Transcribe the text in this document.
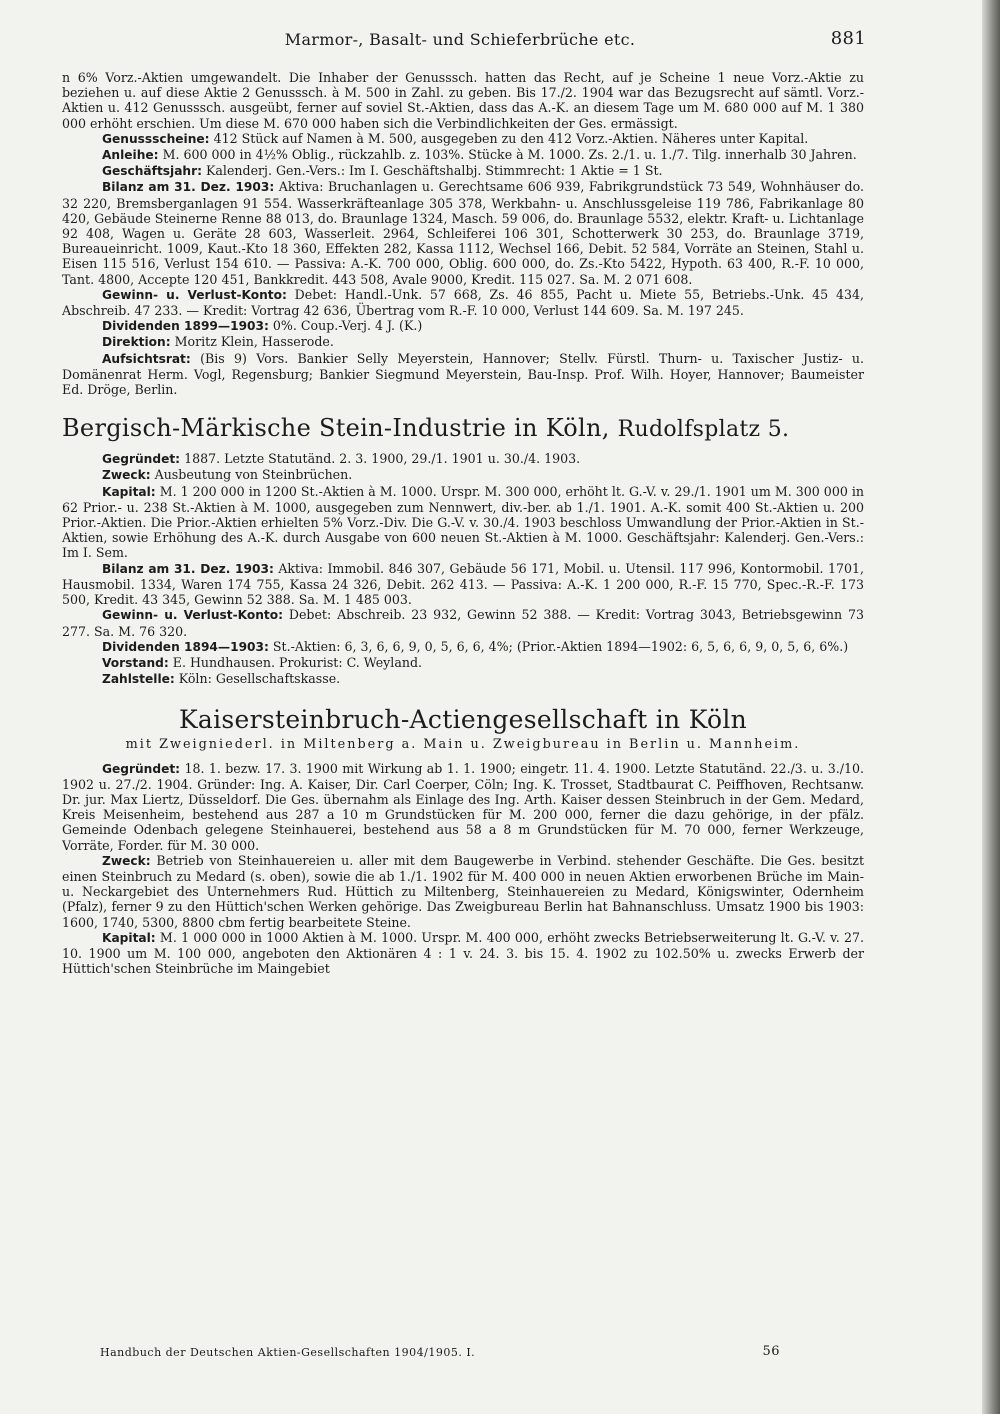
Marmor-, Basalt- und Schieferbrüche etc.	881

n 6% Vorz.-Aktien umgewandelt. Die Inhaber der Genusssch. hatten das Recht, auf je Scheine 1 neue Vorz.-Aktie zu beziehen u. auf diese Aktie 2 Genusssch. à M. 500 in Zahl. zu geben. Bis 17./2. 1904 war das Bezugsrecht auf sämtl. Vorz.-Aktien u. 412 Genusssch. ausgeübt, ferner auf soviel St.-Aktien, dass das A.-K. an diesem Tage um M. 680 000 auf M. 1 380 000 erhöht erschien. Um diese M. 670 000 haben sich die Verbindlichkeiten der Ges. ermässigt.

Genussscheine: 412 Stück auf Namen à M. 500, ausgegeben zu den 412 Vorz.-Aktien. Näheres unter Kapital.

Anleihe: M. 600 000 in 4½% Oblig., rückzahlb. z. 103%. Stücke à M. 1000. Zs. 2./1. u. 1./7. Tilg. innerhalb 30 Jahren.

Geschäftsjahr: Kalenderj. Gen.-Vers.: Im I. Geschäftshalbj. Stimmrecht: 1 Aktie = 1 St.

Bilanz am 31. Dez. 1903: Aktiva: Bruchanlagen u. Gerechtsame 606 939, Fabrikgrundstück 73 549, Wohnhäuser do. 32 220, Bremsberganlagen 91 554. Wasserkräfteanlage 305 378, Werkbahn- u. Anschlussgeleise 119 786, Fabrikanlage 80 420, Gebäude Steinerne Renne 88 013, do. Braunlage 1324, Masch. 59 006, do. Braunlage 5532, elektr. Kraft- u. Lichtanlage 92 408, Wagen u. Geräte 28 603, Wasserleit. 2964, Schleiferei 106 301, Schotterwerk 30 253, do. Braunlage 3719, Bureaueinricht. 1009, Kaut.-Kto 18 360, Effekten 282, Kassa 1112, Wechsel 166, Debit. 52 584, Vorräte an Steinen, Stahl u. Eisen 115 516, Verlust 154 610. — Passiva: A.-K. 700 000, Oblig. 600 000, do. Zs.-Kto 5422, Hypoth. 63 400, R.-F. 10 000, Tant. 4800, Accepte 120 451, Bankkredit. 443 508, Avale 9000, Kredit. 115 027. Sa. M. 2 071 608.

Gewinn- u. Verlust-Konto: Debet: Handl.-Unk. 57 668, Zs. 46 855, Pacht u. Miete 55, Betriebs.-Unk. 45 434, Abschreib. 47 233. — Kredit: Vortrag 42 636, Übertrag vom R.-F. 10 000, Verlust 144 609. Sa. M. 197 245.

Dividenden 1899—1903: 0%. Coup.-Verj. 4 J. (K.)

Direktion: Moritz Klein, Hasserode.

Aufsichtsrat: (Bis 9) Vors. Bankier Selly Meyerstein, Hannover; Stellv. Fürstl. Thurn- u. Taxischer Justiz- u. Domänenrat Herm. Vogl, Regensburg; Bankier Siegmund Meyerstein, Bau-Insp. Prof. Wilh. Hoyer, Hannover; Baumeister Ed. Dröge, Berlin.

Bergisch-Märkische Stein-Industrie in Köln, Rudolfsplatz 5.

Gegründet: 1887. Letzte Statutänd. 2. 3. 1900, 29./1. 1901 u. 30./4. 1903.

Zweck: Ausbeutung von Steinbrüchen.

Kapital: M. 1 200 000 in 1200 St.-Aktien à M. 1000. Urspr. M. 300 000, erhöht lt. G.-V. v. 29./1. 1901 um M. 300 000 in 62 Prior.- u. 238 St.-Aktien à M. 1000, ausgegeben zum Nennwert, div.-ber. ab 1./1. 1901. A.-K. somit 400 St.-Aktien u. 200 Prior.-Aktien. Die Prior.-Aktien erhielten 5% Vorz.-Div. Die G.-V. v. 30./4. 1903 beschloss Umwandlung der Prior.-Aktien in St.-Aktien, sowie Erhöhung des A.-K. durch Ausgabe von 600 neuen St.-Aktien à M. 1000. Geschäftsjahr: Kalenderj. Gen.-Vers.: Im I. Sem.

Bilanz am 31. Dez. 1903: Aktiva: Immobil. 846 307, Gebäude 56 171, Mobil. u. Utensil. 117 996, Kontormobil. 1701, Hausmobil. 1334, Waren 174 755, Kassa 24 326, Debit. 262 413. — Passiva: A.-K. 1 200 000, R.-F. 15 770, Spec.-R.-F. 173 500, Kredit. 43 345, Gewinn 52 388. Sa. M. 1 485 003.

Gewinn- u. Verlust-Konto: Debet: Abschreib. 23 932, Gewinn 52 388. — Kredit: Vortrag 3043, Betriebsgewinn 73 277. Sa. M. 76 320.

Dividenden 1894—1903: St.-Aktien: 6, 3, 6, 6, 9, 0, 5, 6, 6, 4%; (Prior.-Aktien 1894—1902: 6, 5, 6, 6, 9, 0, 5, 6, 6%.)

Vorstand: E. Hundhausen. Prokurist: C. Weyland.

Zahlstelle: Köln: Gesellschaftskasse.

Kaisersteinbruch-Actiengesellschaft in Köln
mit Zweigniederl. in Miltenberg a. Main u. Zweigbureau in Berlin u. Mannheim.

Gegründet: 18. 1. bezw. 17. 3. 1900 mit Wirkung ab 1. 1. 1900; eingetr. 11. 4. 1900. Letzte Statutänd. 22./3. u. 3./10. 1902 u. 27./2. 1904. Gründer: Ing. A. Kaiser, Dir. Carl Coerper, Cöln; Ing. K. Trosset, Stadtbaurat C. Peiffhoven, Rechtsanw. Dr. jur. Max Liertz, Düsseldorf. Die Ges. übernahm als Einlage des Ing. Arth. Kaiser dessen Steinbruch in der Gem. Medard, Kreis Meisenheim, bestehend aus 287 a 10 m Grundstücken für M. 200 000, ferner die dazu gehörige, in der pfälz. Gemeinde Odenbach gelegene Steinhauerei, bestehend aus 58 a 8 m Grundstücken für M. 70 000, ferner Werkzeuge, Vorräte, Forder. für M. 30 000.

Zweck: Betrieb von Steinhauereien u. aller mit dem Baugewerbe in Verbind. stehender Geschäfte. Die Ges. besitzt einen Steinbruch zu Medard (s. oben), sowie die ab 1./1. 1902 für M. 400 000 in neuen Aktien erworbenen Brüche im Main- u. Neckargebiet des Unternehmers Rud. Hüttich zu Miltenberg, Steinhauereien zu Medard, Königswinter, Odernheim (Pfalz), ferner 9 zu den Hüttich'schen Werken gehörige. Das Zweigbureau Berlin hat Bahnanschluss. Umsatz 1900 bis 1903: 1600, 1740, 5300, 8800 cbm fertig bearbeitete Steine.

Kapital: M. 1 000 000 in 1000 Aktien à M. 1000. Urspr. M. 400 000, erhöht zwecks Betriebserweiterung lt. G.-V. v. 27. 10. 1900 um M. 100 000, angeboten den Aktionären 4 : 1 v. 24. 3. bis 15. 4. 1902 zu 102.50% u. zwecks Erwerb der Hüttich'schen Steinbrüche im Maingebiet

Handbuch der Deutschen Aktien-Gesellschaften 1904/1905. I.	56
